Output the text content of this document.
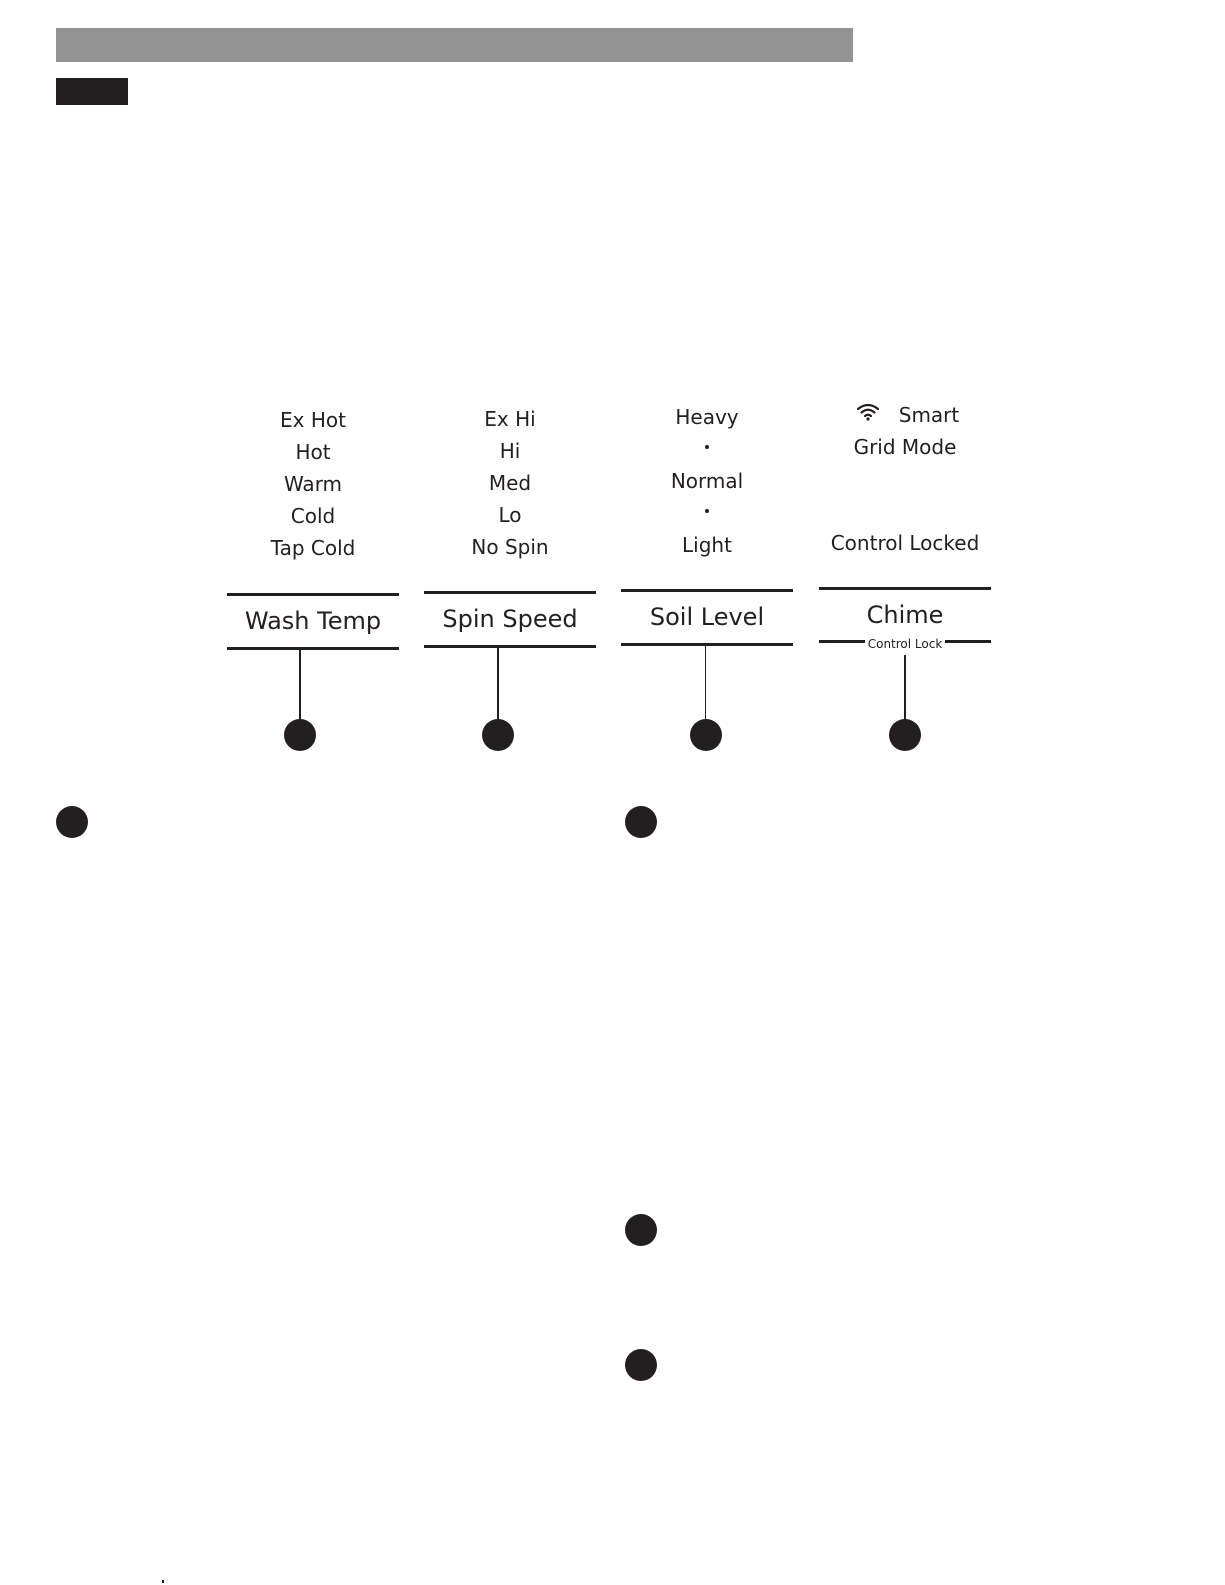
Ex Hot
Hot
Warm
Cold
Tap Cold
Wash Temp
Ex Hi
Hi
Med
Lo
No Spin
Spin Speed
Heavy
Normal
Light
Soil Level
Smart
Grid Mode
Control Locked
Chime
Control Lock
